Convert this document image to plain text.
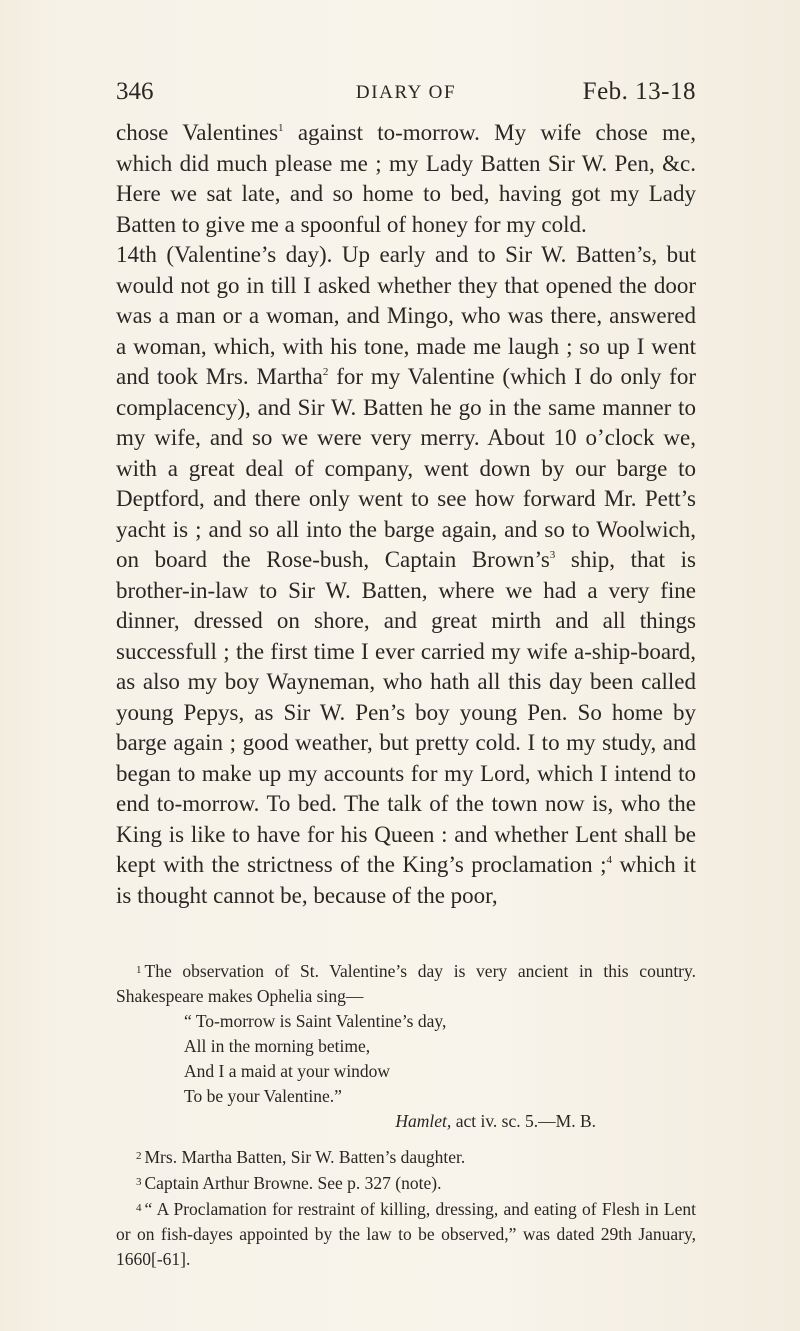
346	DIARY OF	Feb. 13-18

chose Valentines$^1$ against to-morrow. My wife chose me, which did much please me ; my Lady Batten Sir W. Pen, &c. Here we sat late, and so home to bed, having got my Lady Batten to give me a spoonful of honey for my cold.

14th (Valentine’s day). Up early and to Sir W. Batten’s, but would not go in till I asked whether they that opened the door was a man or a woman, and Mingo, who was there, answered a woman, which, with his tone, made me laugh ; so up I went and took Mrs. Martha$^2$ for my Valentine (which I do only for complacency), and Sir W. Batten he go in the same manner to my wife, and so we were very merry. About 10 o’clock we, with a great deal of company, went down by our barge to Deptford, and there only went to see how forward Mr. Pett’s yacht is ; and so all into the barge again, and so to Woolwich, on board the Rose-bush, Captain $Brown’s^3$ ship, that is brother-in-law to Sir W. Batten, where we had a very fine dinner, dressed on shore, and great mirth and all things successfull ; the first time I ever carried my wife a-ship-board, as also my boy Wayneman, who hath all this day been called young Pepys, as Sir W. Pen’s boy young Pen. So home by barge again ; good weather, but pretty cold. I to my study, and began to make up my accounts for my Lord, which I intend to end to-morrow. To bed. The talk of the town now is, who the King is like to have for his Queen : and whether Lent shall be kept with the strictness of the King’s proclamation ;$^4$ which it is thought cannot be, because of the poor,

$^1$ The observation of St. Valentine’s day is very ancient in this country. Shakespeare makes Ophelia sing—

“ To-morrow is Saint Valentine’s day,
All in the morning betime,
And I a maid at your window
To be your Valentine.”
Hamlet, act iv. sc. 5.—M. B.

$^2$ Mrs. Martha Batten, Sir W. Batten’s daughter.

$^3$ Captain Arthur Browne. See p. 327 (note).

$^4$ “ A Proclamation for restraint of killing, dressing, and eating of Flesh in Lent or on fish-dayes appointed by the law to be observed,” was dated 29th January, 1660[-61].
